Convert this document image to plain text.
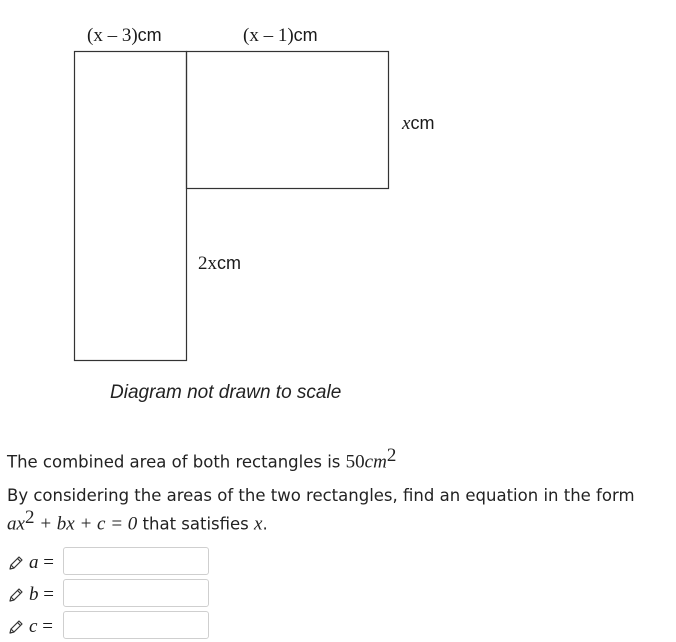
(x – 3)cm	(x – 1)cm
xcm
2xcm
Diagram not drawn to scale
The combined area of both rectangles is $50cm^2$
By considering the areas of the two rectangles, find an equation in the form
$ax^2$ + bx + c = 0 that satisfies x.
a =
b =
c =
